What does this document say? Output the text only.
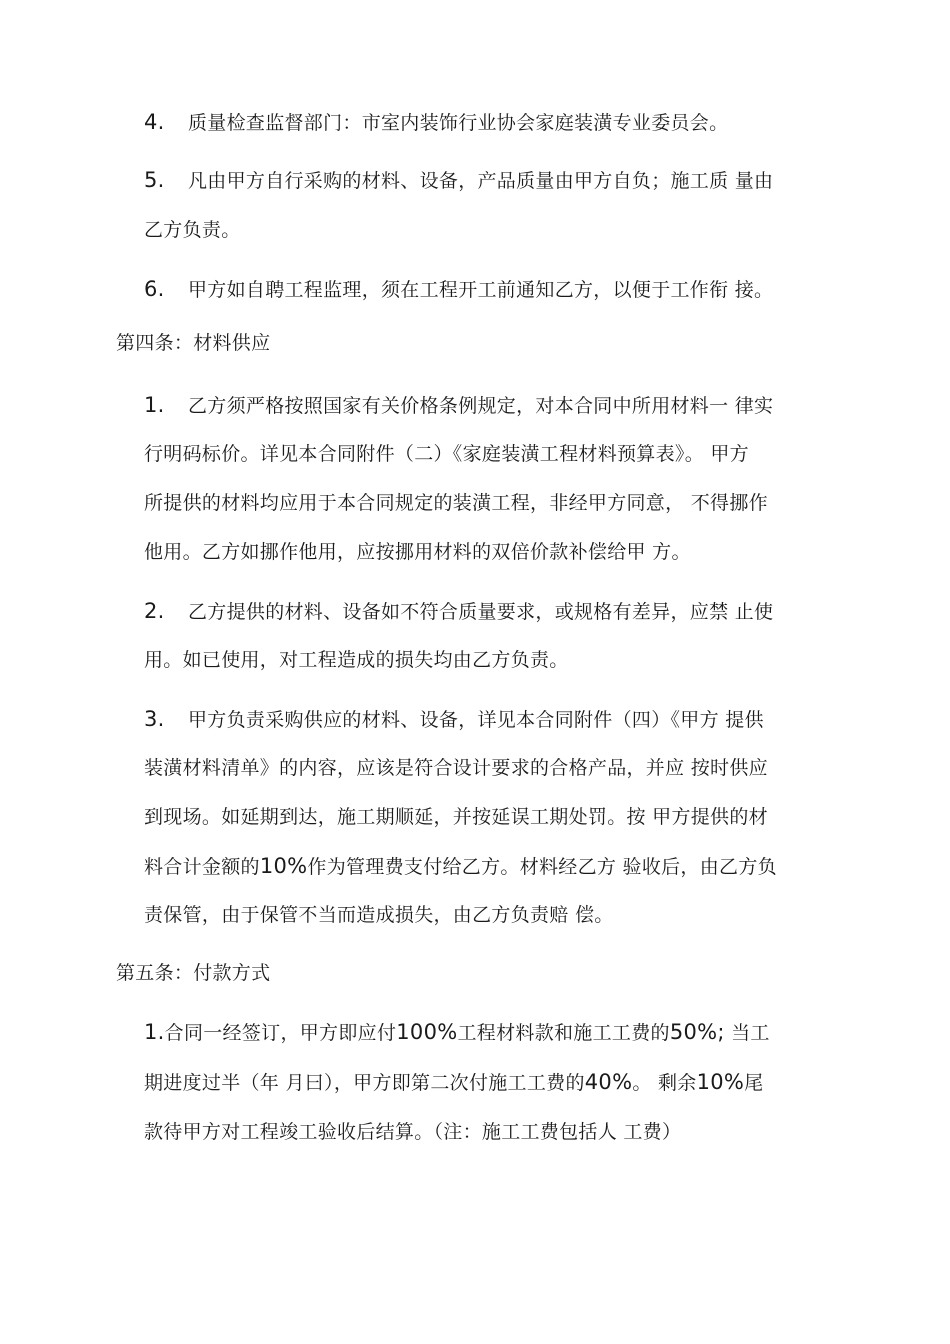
4. 质量检查监督部门：市室内装饰行业协会家庭装潢专业委员会。
5. 凡由甲方自行采购的材料、设备，产品质量由甲方自负；施工质 量由
乙方负责。
6. 甲方如自聘工程监理，须在工程开工前通知乙方，以便于工作衔 接。
第四条：材料供应
1. 乙方须严格按照国家有关价格条例规定，对本合同中所用材料一 律实
行明码标价。详见本合同附件（二）《家庭装潢工程材料预算表》。 甲方
所提供的材料均应用于本合同规定的装潢工程，非经甲方同意， 不得挪作
他用。乙方如挪作他用，应按挪用材料的双倍价款补偿给甲 方。
2. 乙方提供的材料、设备如不符合质量要求，或规格有差异，应禁 止使
用。如已使用，对工程造成的损失均由乙方负责。
3. 甲方负责采购供应的材料、设备，详见本合同附件（四）《甲方 提供
装潢材料清单》的内容，应该是符合设计要求的合格产品，并应 按时供应
到现场。如延期到达，施工期顺延，并按延误工期处罚。按 甲方提供的材
料合计金额的10%作为管理费支付给乙方。材料经乙方 验收后，由乙方负
责保管，由于保管不当而造成损失，由乙方负责赔 偿。
第五条：付款方式
1.合同一经签订，甲方即应付100%工程材料款和施工工费的50%; 当工
期进度过半（年 月曰），甲方即第二次付施工工费的40%。 剩余10%尾
款待甲方对工程竣工验收后结算。（注：施工工费包括人 工费）
